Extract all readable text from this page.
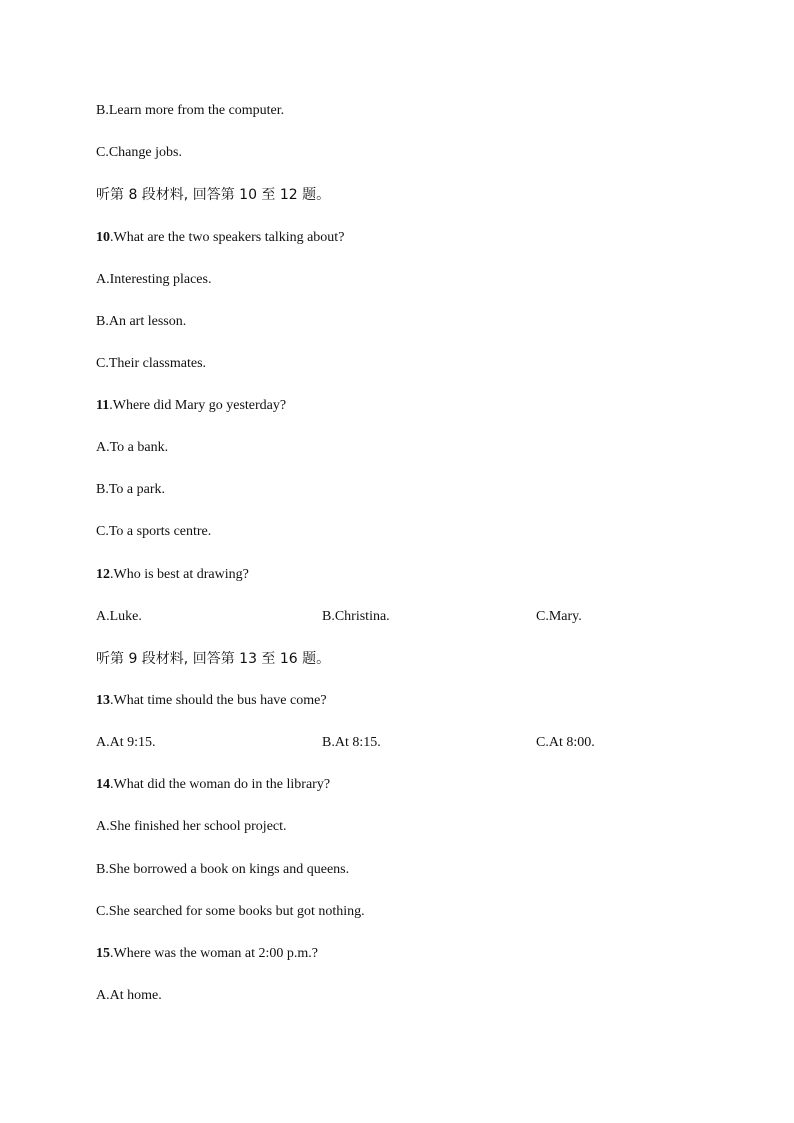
B.Learn more from the computer.
C.Change jobs.
听第 8 段材料, 回答第 10 至 12 题。
10.What are the two speakers talking about?
A.Interesting places.
B.An art lesson.
C.Their classmates.
11.Where did Mary go yesterday?
A.To a bank.
B.To a park.
C.To a sports centre.
12.Who is best at drawing?
A.Luke.	B.Christina.	C.Mary.
听第 9 段材料, 回答第 13 至 16 题。
13.What time should the bus have come?
A.At 9:15.	B.At 8:15.	C.At 8:00.
14.What did the woman do in the library?
A.She finished her school project.
B.She borrowed a book on kings and queens.
C.She searched for some books but got nothing.
15.Where was the woman at 2:00 p.m.?
A.At home.
